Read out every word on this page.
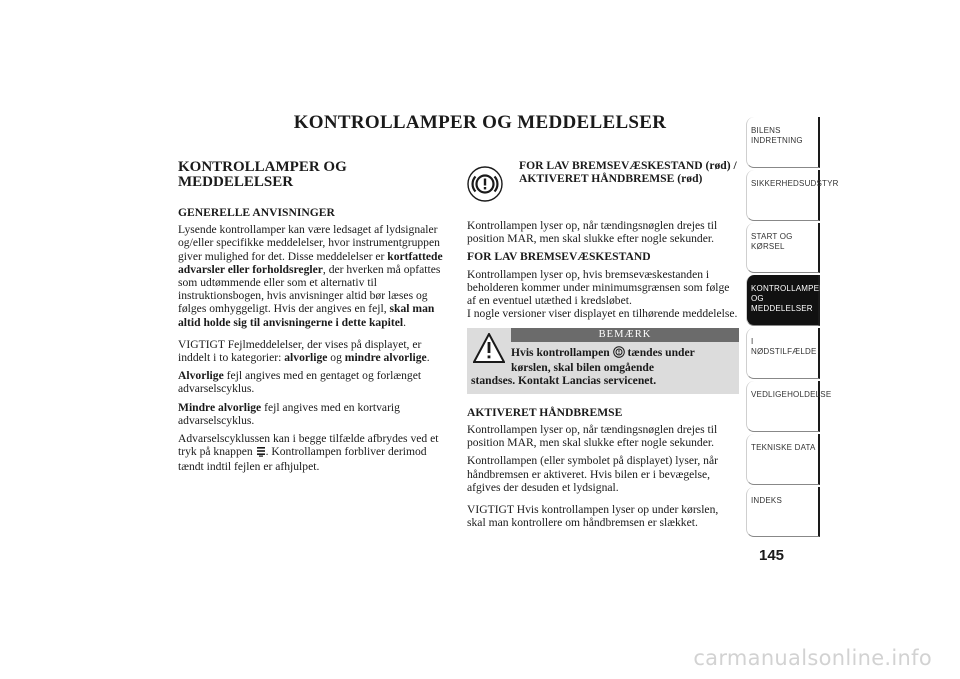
KONTROLLAMPER OG MEDDELELSER
KONTROLLAMPER OG
MEDDELELSER
GENERELLE ANVISNINGER

Lysende kontrollamper kan være ledsaget af lydsignaler og/eller specifikke meddelelser, hvor instrumentgruppen giver mulighed for det. Disse meddelelser er kortfattede advarsler eller forholdsregler, der hverken må opfattes som udtømmende eller som et alternativ til instruktionsbogen, hvis anvisninger altid bør læses og følges omhyggeligt. Hvis der angives en fejl, skal man altid holde sig til anvisningerne i dette kapitel.

VIGTIGT Fejlmeddelelser, der vises på displayet, er inddelt i to kategorier: alvorlige og mindre alvorlige.

Alvorlige fejl angives med en gentaget og forlænget advarselscyklus.

Mindre alvorlige fejl angives med en kortvarig advarselscyklus.

Advarselscyklussen kan i begge tilfælde afbrydes ved et tryk på knappen . Kontrollampen forbliver derimod tændt indtil fejlen er afhjulpet.

FOR LAV BREMSEVÆSKESTAND (rød) / AKTIVERET HÅNDBREMSE (rød)

Kontrollampen lyser op, når tændingsnøglen drejes til position MAR, men skal slukke efter nogle sekunder.

FOR LAV BREMSEVÆSKESTAND

Kontrollampen lyser op, hvis bremsevæskestanden i beholderen kommer under minimumsgrænsen som følge af en eventuel utæthed i kredsløbet.

I nogle versioner viser displayet en tilhørende meddelelse.

BEMÆRK
Hvis kontrollampen  tændes under kørslen, skal bilen omgående
standses. Kontakt Lancias servicenet.
AKTIVERET HÅNDBREMSE

Kontrollampen lyser op, når tændingsnøglen drejes til position MAR, men skal slukke efter nogle sekunder.

Kontrollampen (eller symbolet på displayet) lyser, når håndbremsen er aktiveret. Hvis bilen er i bevægelse, afgives der desuden et lydsignal.

VIGTIGT Hvis kontrollampen lyser op under kørslen, skal man kontrollere om håndbremsen er slækket.

BILENS INDRETNING
SIKKERHEDSUDSTYR
START OG KØRSEL
KONTROLLAMPER OG MEDDELELSER
I NØDSTILFÆLDE
VEDLIGEHOLDELSE
TEKNISKE DATA
INDEKS
145
carmanualsonline.info
